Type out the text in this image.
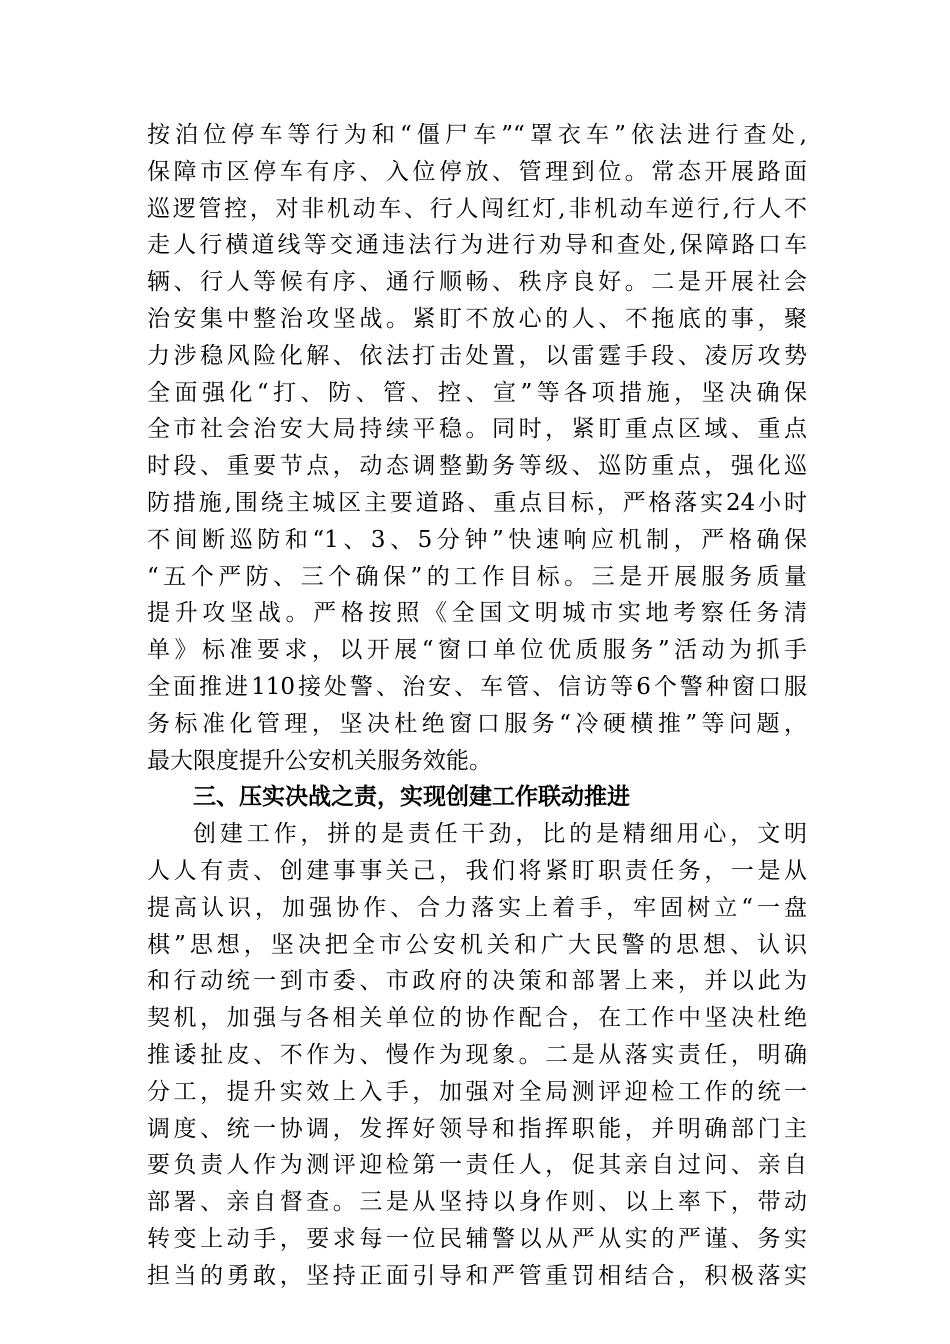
按泊位停车等行为和“僵尸车”“罩衣车”依法进行查处,
保障市区停车有序、入位停放、管理到位。常态开展路面
巡逻管控，对非机动车、行人闯红灯,非机动车逆行,行人不
走人行横道线等交通违法行为进行劝导和查处,保障路口车
辆、行人等候有序、通行顺畅、秩序良好。二是开展社会
治安集中整治攻坚战。紧盯不放心的人、不拖底的事，聚
力涉稳风险化解、依法打击处置，以雷霆手段、凌厉攻势
全面强化“打、防、管、控、宣”等各项措施，坚决确保
全市社会治安大局持续平稳。同时，紧盯重点区域、重点
时段、重要节点，动态调整勤务等级、巡防重点，强化巡
防措施,围绕主城区主要道路、重点目标，严格落实24小时
不间断巡防和“1、3、5分钟”快速响应机制，严格确保
“五个严防、三个确保”的工作目标。三是开展服务质量
提升攻坚战。严格按照《全国文明城市实地考察任务清
单》标准要求，以开展“窗口单位优质服务”活动为抓手
全面推进110接处警、治安、车管、信访等6个警种窗口服
务标准化管理，坚决杜绝窗口服务“冷硬横推”等问题，
最大限度提升公安机关服务效能。
三、压实决战之责，实现创建工作联动推进
创建工作，拼的是责任干劲，比的是精细用心，文明
人人有责、创建事事关己，我们将紧盯职责任务，一是从
提高认识，加强协作、合力落实上着手，牢固树立“一盘
棋”思想，坚决把全市公安机关和广大民警的思想、认识
和行动统一到市委、市政府的决策和部署上来，并以此为
契机，加强与各相关单位的协作配合，在工作中坚决杜绝
推诿扯皮、不作为、慢作为现象。二是从落实责任，明确
分工，提升实效上入手，加强对全局测评迎检工作的统一
调度、统一协调，发挥好领导和指挥职能，并明确部门主
要负责人作为测评迎检第一责任人，促其亲自过问、亲自
部署、亲自督查。三是从坚持以身作则、以上率下，带动
转变上动手，要求每一位民辅警以从严从实的严谨、务实
担当的勇敢，坚持正面引导和严管重罚相结合，积极落实
